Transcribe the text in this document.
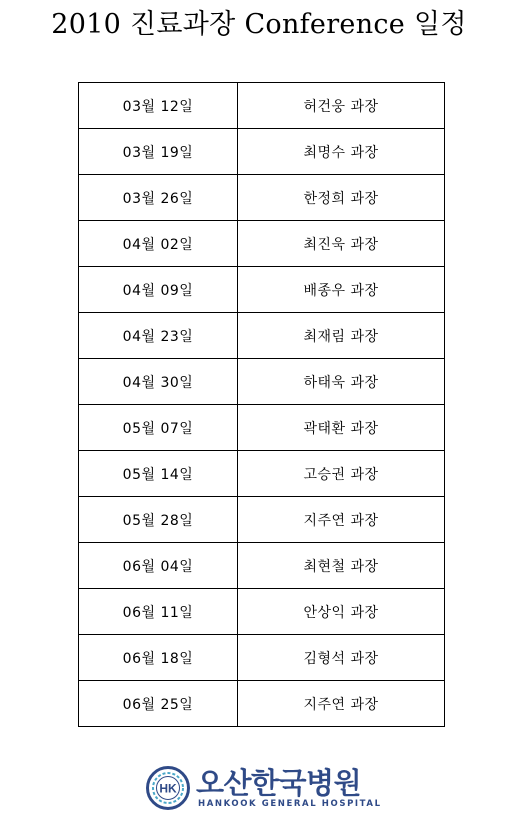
2010 진료과장 Conference 일정
03월 12일	허건웅 과장
03월 19일	최명수 과장
03월 26일	한정희 과장
04월 02일	최진욱 과장
04월 09일	배종우 과장
04월 23일	최재림 과장
04월 30일	하태욱 과장
05월 07일	곽태환 과장
05월 14일	고승권 과장
05월 28일	지주연 과장
06월 04일	최현철 과장
06월 11일	안상익 과장
06월 18일	김형석 과장
06월 25일	지주연 과장
HK 오산한국병원
HANKOOK GENERAL HOSPITAL
